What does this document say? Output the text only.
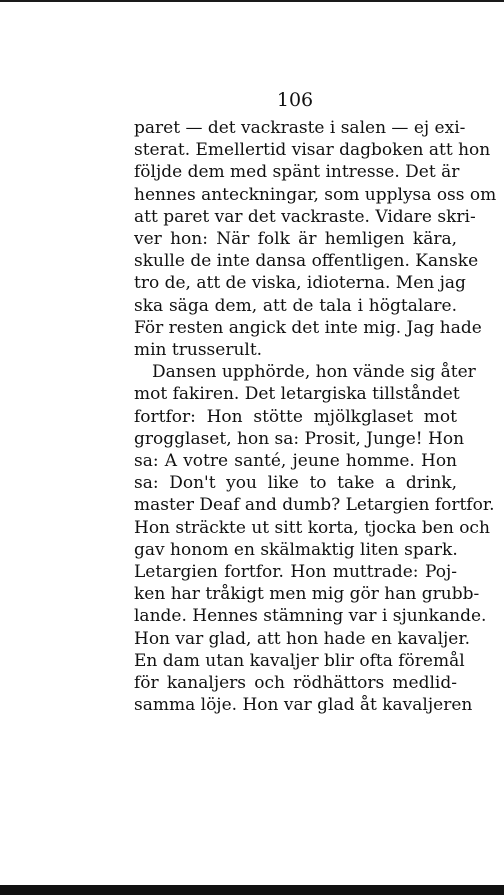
106
paret — det vackraste i salen — ej exi-
sterat. Emellertid visar dagboken att hon
följde dem med spänt intresse. Det är
hennes anteckningar, som upplysa oss om
att paret var det vackraste. Vidare skri-
ver hon: När folk är hemligen kära,
skulle de inte dansa offentligen. Kanske
tro de, att de viska, idioterna. Men jag
ska säga dem, att de tala i högtalare.
För resten angick det inte mig. Jag hade
min trusserult.
Dansen upphörde, hon vände sig åter
mot fakiren. Det letargiska tillståndet
fortfor: Hon stötte mjölkglaset mot
grogglaset, hon sa: Prosit, Junge! Hon
sa: A votre santé, jeune homme. Hon
sa: Don't you like to take a drink,
master Deaf and dumb? Letargien fortfor.
Hon sträckte ut sitt korta, tjocka ben och
gav honom en skälmaktig liten spark.
Letargien fortfor. Hon muttrade: Poj-
ken har tråkigt men mig gör han grubb-
lande. Hennes stämning var i sjunkande.
Hon var glad, att hon hade en kavaljer.
En dam utan kavaljer blir ofta föremål
för kanaljers och rödhättors medlid-
samma löje. Hon var glad åt kavaljeren
